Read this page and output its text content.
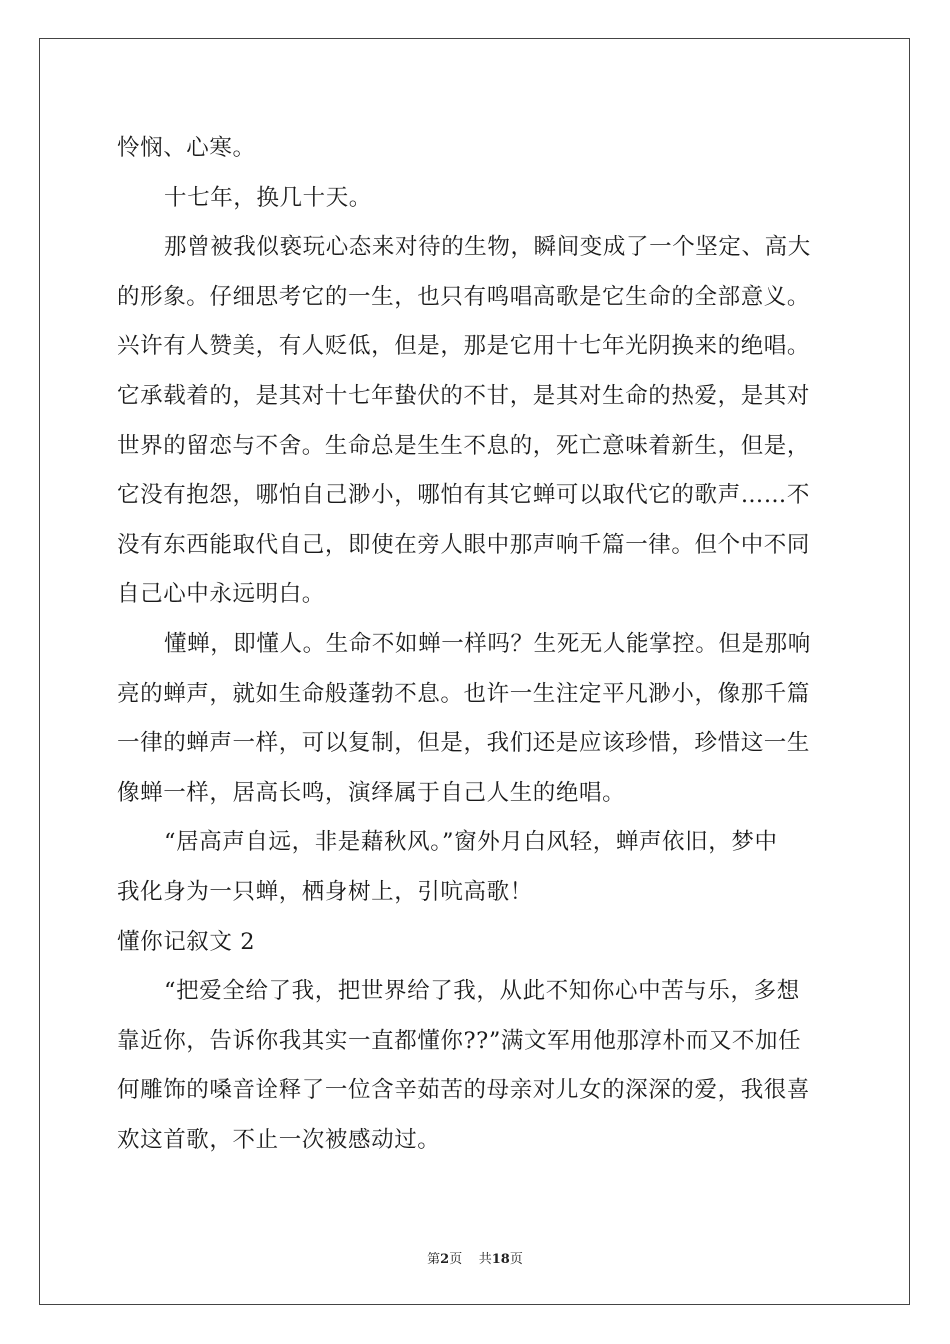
怜悯、心寒。
十七年，换几十天。
那曾被我似亵玩心态来对待的生物，瞬间变成了一个坚定、高大
的形象。仔细思考它的一生，也只有鸣唱高歌是它生命的全部意义。
兴许有人赞美，有人贬低，但是，那是它用十七年光阴换来的绝唱。
它承载着的，是其对十七年蛰伏的不甘，是其对生命的热爱，是其对
世界的留恋与不舍。生命总是生生不息的，死亡意味着新生，但是，
它没有抱怨，哪怕自己渺小，哪怕有其它蝉可以取代它的歌声……不
没有东西能取代自己，即使在旁人眼中那声响千篇一律。但个中不同
自己心中永远明白。
懂蝉，即懂人。生命不如蝉一样吗？生死无人能掌控。但是那响
亮的蝉声，就如生命般蓬勃不息。也许一生注定平凡渺小，像那千篇
一律的蝉声一样，可以复制，但是，我们还是应该珍惜，珍惜这一生
像蝉一样，居高长鸣，演绎属于自己人生的绝唱。
“居高声自远，非是藉秋风。”窗外月白风轻，蝉声依旧，梦中
我化身为一只蝉，栖身树上，引吭高歌！
懂你记叙文 2
“把爱全给了我，把世界给了我，从此不知你心中苦与乐，多想
靠近你，告诉你我其实一直都懂你??”满文军用他那淳朴而又不加任
何雕饰的嗓音诠释了一位含辛茹苦的母亲对儿女的深深的爱，我很喜
欢这首歌，不止一次被感动过。
第2页 共18页
